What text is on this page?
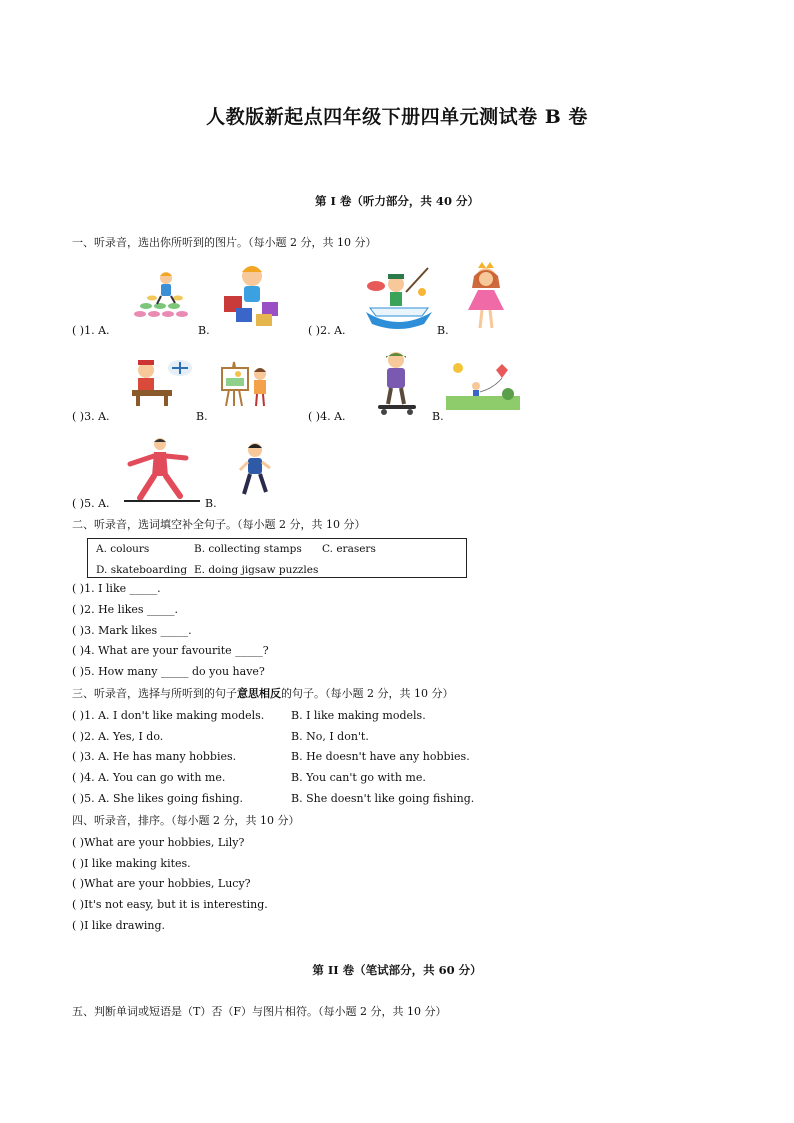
人教版新起点四年级下册四单元测试卷 B 卷
第 I 卷（听力部分，共 40 分）
一、听录音，选出你所听到的图片。（每小题 2 分，共 10 分）
( )1. A.	B.	( )2. A.	B.
( )3. A.	B.	( )4. A.	B.
( )5. A.	B.
二、听录音，选词填空补全句子。（每小题 2 分，共 10 分）
A. colours	B. collecting stamps C. erasers
D. skateboarding E. doing jigsaw puzzles
( )1. I like _____.
( )2. He likes _____.
( )3. Mark likes _____.
( )4. What are your favourite _____?
( )5. How many _____ do you have?
三、听录音，选择与所听到的句子意思相反的句子。（每小题 2 分，共 10 分）
( )1. A. I don't like making models. B. I like making models.
( )2. A. Yes, I do.	B. No, I don't.
( )3. A. He has many hobbies.	B. He doesn't have any hobbies.
( )4. A. You can go with me.	B. You can't go with me.
( )5. A. She likes going fishing.	B. She doesn't like going fishing.
四、听录音，排序。（每小题 2 分，共 10 分）
( )What are your hobbies, Lily?
( )I like making kites.
( )What are your hobbies, Lucy?
( )It's not easy, but it is interesting.
( )I like drawing.
第 II 卷（笔试部分，共 60 分）
五、判断单词或短语是（T）否（F）与图片相符。（每小题 2 分，共 10 分）
